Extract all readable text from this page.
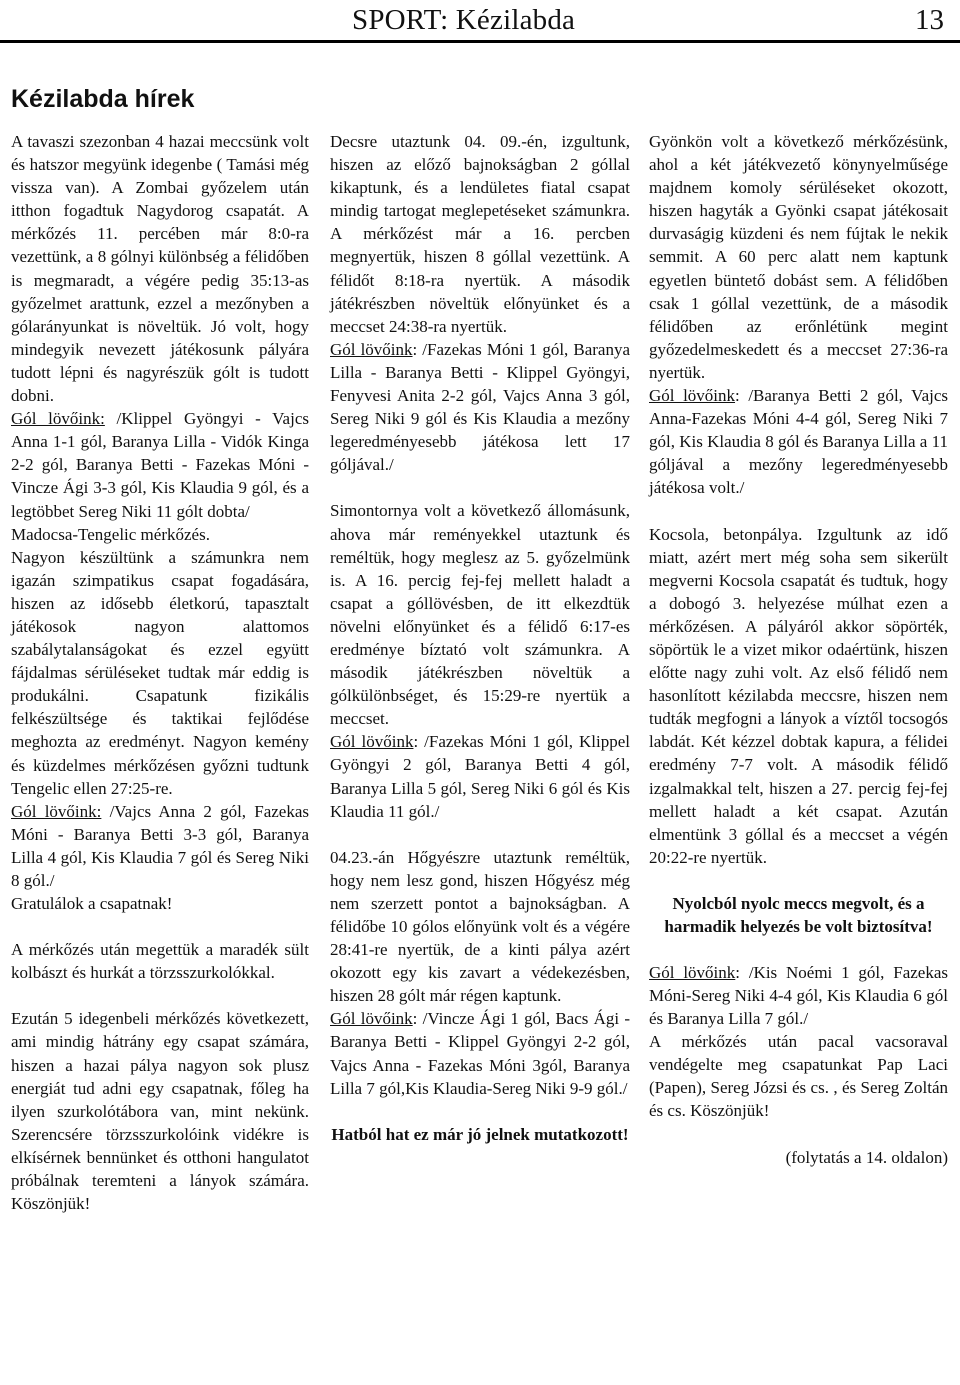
SPORT: Kézilabda	13
Kézilabda hírek

A tavaszi szezonban 4 hazai meccsünk volt és hatszor megyünk idegenbe ( Tamási még vissza van). A Zombai győzelem után itthon fogadtuk Nagydorog csapatát. A mérkőzés 11. percében már 8:0-ra vezettünk, a 8 gólnyi különbség a félidőben is megmaradt, a végére pedig 35:13-as győzelmet arattunk, ezzel a mezőnyben a gólarányunkat is növeltük. Jó volt, hogy mindegyik nevezett játékosunk pályára tudott lépni és nagyrészük gólt is tudott dobni.

Gól lövőink: /Klippel Gyöngyi - Vajcs Anna 1-1 gól, Baranya Lilla - Vidók Kinga 2-2 gól, Baranya Betti - Fazekas Móni - Vincze Ági 3-3 gól, Kis Klaudia 9 gól, és a legtöbbet Sereg Niki 11 gólt dobta/

Madocsa-Tengelic mérkőzés.

Nagyon készültünk a számunkra nem igazán szimpatikus csapat fogadására, hiszen az idősebb életkorú, tapasztalt játékosok nagyon alattomos szabálytalanságokat és ezzel együtt fájdalmas sérüléseket tudtak már eddig is produkálni. Csapatunk fizikális felkészültsége és taktikai fejlődése meghozta az eredményt. Nagyon kemény és küzdelmes mérkőzésen győzni tudtunk Tengelic ellen 27:25-re.

Gól lövőink: /Vajcs Anna 2 gól, Fazekas Móni - Baranya Betti 3-3 gól, Baranya Lilla 4 gól, Kis Klaudia 7 gól és Sereg Niki 8 gól./

Gratulálok a csapatnak!

A mérkőzés után megettük a maradék sült kolbászt és hurkát a törzsszurkolókkal.

Ezután 5 idegenbeli mérkőzés következett, ami mindig hátrány egy csapat számára, hiszen a hazai pálya nagyon sok plusz energiát tud adni egy csapatnak, főleg ha ilyen szurkolótábora van, mint nekünk. Szerencsére törzsszurkolóink vidékre is elkísérnek bennünket és otthoni hangulatot próbálnak teremteni a lányok számára. Köszönjük!

Decsre utaztunk 04. 09.-én, izgultunk, hiszen az előző bajnokságban 2 góllal kikaptunk, és a lendületes fiatal csapat mindig tartogat meglepetéseket számunkra. A mérkőzést már a 16. percben megnyertük, hiszen 8 góllal vezettünk. A félidőt 8:18-ra nyertük. A második játékrészben növeltük előnyünket és a meccset 24:38-ra nyertük.

Gól lövőink: /Fazekas Móni 1 gól, Baranya Lilla - Baranya Betti - Klippel Gyöngyi, Fenyvesi Anita 2-2 gól, Vajcs Anna 3 gól, Sereg Niki 9 gól és Kis Klaudia a mezőny legeredményesebb játékosa lett 17 góljával./

Simontornya volt a következő állomásunk, ahova már reményekkel utaztunk és reméltük, hogy meglesz az 5. győzelmünk is. A 16. percig fej-fej mellett haladt a csapat a góllövésben, de itt elkezdtük növelni előnyünket és a félidő 6:17-es eredménye bíztató volt számunkra. A második játékrészben növeltük a gólkülönbséget, és 15:29-re nyertük a meccset.

Gól lövőink: /Fazekas Móni 1 gól, Klippel Gyöngyi 2 gól, Baranya Betti 4 gól, Baranya Lilla 5 gól, Sereg Niki 6 gól és Kis Klaudia 11 gól./

04.23.-án Hőgyészre utaztunk reméltük, hogy nem lesz gond, hiszen Hőgyész még nem szerzett pontot a bajnokságban. A félidőbe 10 gólos előnyünk volt és a végére 28:41-re nyertük, de a kinti pálya azért okozott egy kis zavart a védekezésben, hiszen 28 gólt már régen kaptunk.

Gól lövőink: /Vincze Ági 1 gól, Bacs Ági - Baranya Betti - Klippel Gyöngyi 2-2 gól, Vajcs Anna - Fazekas Móni 3gól, Baranya Lilla 7 gól,Kis Klaudia-Sereg Niki 9-9 gól./

Hatból hat ez már jó jelnek mutatkozott!

Gyönkön volt a következő mérkőzésünk, ahol a két játékvezető könynyelműsége majdnem komoly sérüléseket okozott, hiszen hagyták a Gyönki csapat játékosait durvaságig küzdeni és nem fújtak le nekik semmit. A 60 perc alatt nem kaptunk egyetlen büntető dobást sem. A félidőben csak 1 góllal vezettünk, de a második félidőben az erőnlétünk megint győzedelmeskedett és a meccset 27:36-ra nyertük.

Gól lövőink: /Baranya Betti 2 gól, Vajcs Anna-Fazekas Móni 4-4 gól, Sereg Niki 7 gól, Kis Klaudia 8 gól és Baranya Lilla a 11 góljával a mezőny legeredményesebb játékosa volt./

Kocsola, betonpálya. Izgultunk az idő miatt, azért mert még soha sem sikerült megverni Kocsola csapatát és tudtuk, hogy a dobogó 3. helyezése múlhat ezen a mérkőzésen. A pályáról akkor söpörték, söpörtük le a vizet mikor odaértünk, hiszen előtte nagy zuhi volt. Az első félidő nem hasonlított kézilabda meccsre, hiszen nem tudták megfogni a lányok a víztől tocsogós labdát. Két kézzel dobtak kapura, a félidei eredmény 7-7 volt. A második félidő izgalmakkal telt, hiszen a 27. percig fej-fej mellett haladt a két csapat. Azután elmentünk 3 góllal és a meccset a végén 20:22-re nyertük.

Nyolcból nyolc meccs megvolt, és a harmadik helyezés be volt biztosítva!

Gól lövőink: /Kis Noémi 1 gól, Fazekas Móni-Sereg Niki 4-4 gól, Kis Klaudia 6 gól és Baranya Lilla 7 gól./

A mérkőzés után pacal vacsoraval vendégelte meg csapatunkat Pap Laci (Papen), Sereg Józsi és cs. , és Sereg Zoltán és cs. Köszönjük!

(folytatás a 14. oldalon)
